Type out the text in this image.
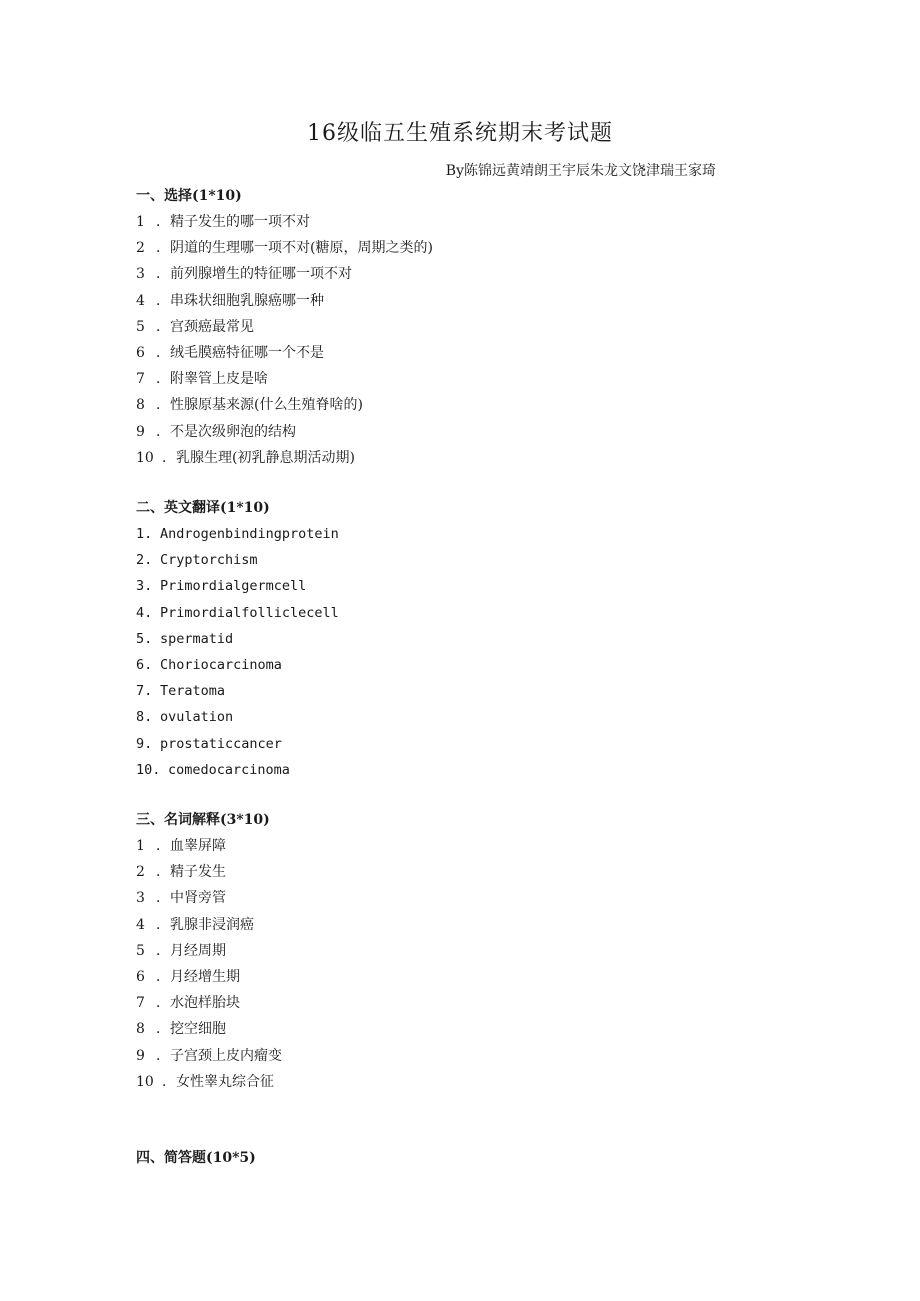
16级临五生殖系统期末考试题
By陈锦远黄靖朗王宇辰朱龙文饶津瑞王家琦
一、选择(1*10)
1 ．精子发生的哪一项不对
2 ．阴道的生理哪一项不对(糖原，周期之类的)
3 ．前列腺增生的特征哪一项不对
4 ．串珠状细胞乳腺癌哪一种
5 ．宫颈癌最常见
6 ．绒毛膜癌特征哪一个不是
7 ．附睾管上皮是啥
8 ．性腺原基来源(什么生殖脊啥的)
9 ．不是次级卵泡的结构
10 ．乳腺生理(初乳静息期活动期)
二、英文翻译(1*10)
1. Androgenbindingprotein
2. Cryptorchism
3. Primordialgermcell
4. Primordialfolliclecell
5. spermatid
6. Choriocarcinoma
7. Teratoma
8. ovulation
9. prostaticcancer
10. comedocarcinoma
三、名词解释(3*10)
1 ．血睾屏障
2 ．精子发生
3 ．中肾旁管
4 ．乳腺非浸润癌
5 ．月经周期
6 ．月经增生期
7 ．水泡样胎块
8 ．挖空细胞
9 ．子宫颈上皮内瘤变
10 ．女性睾丸综合征
四、简答题(10*5)
